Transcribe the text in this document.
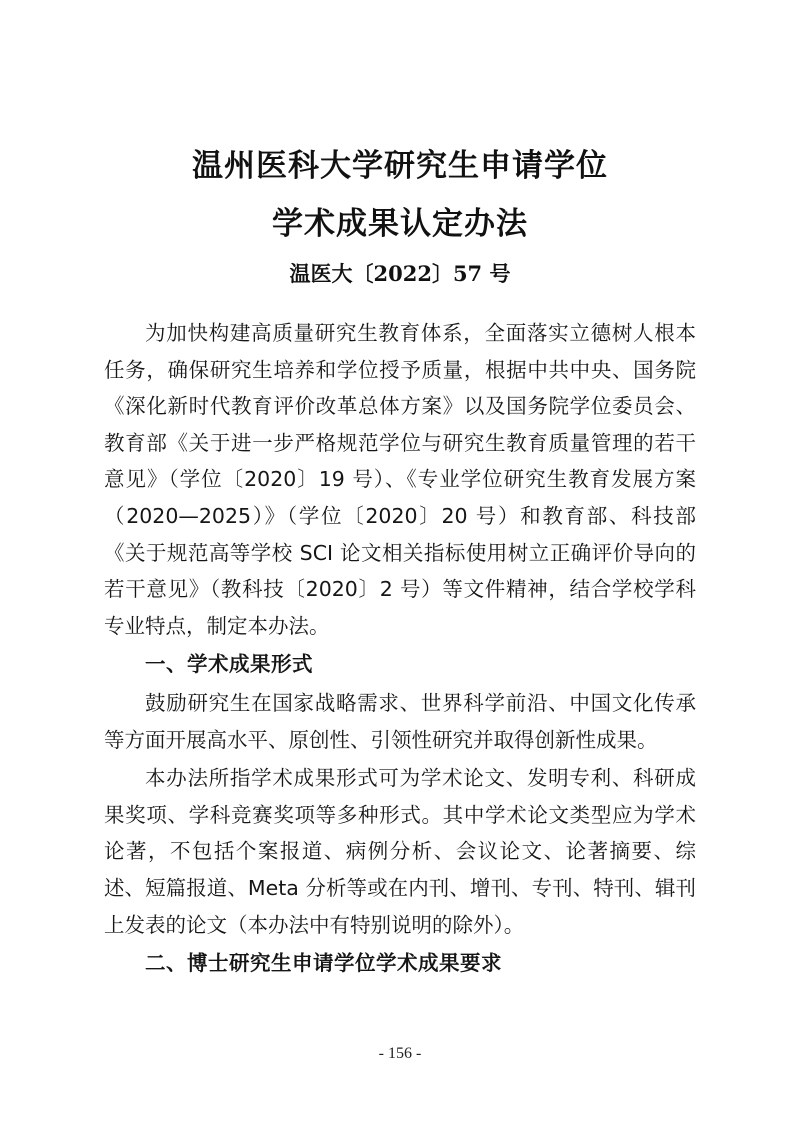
温州医科大学研究生申请学位
学术成果认定办法
温医大〔2022〕57 号

为加快构建高质量研究生教育体系，全面落实立德树人根本任务，确保研究生培养和学位授予质量，根据中共中央、国务院《深化新时代教育评价改革总体方案》以及国务院学位委员会、教育部《关于进一步严格规范学位与研究生教育质量管理的若干意见》（学位〔2020〕19 号）、《专业学位研究生教育发展方案（2020—2025）》（学位〔2020〕20 号）和教育部、科技部《关于规范高等学校 SCI 论文相关指标使用树立正确评价导向的若干意见》（教科技〔2020〕2 号）等文件精神，结合学校学科专业特点，制定本办法。

一、学术成果形式

鼓励研究生在国家战略需求、世界科学前沿、中国文化传承等方面开展高水平、原创性、引领性研究并取得创新性成果。

本办法所指学术成果形式可为学术论文、发明专利、科研成果奖项、学科竞赛奖项等多种形式。其中学术论文类型应为学术论著，不包括个案报道、病例分析、会议论文、论著摘要、综述、短篇报道、Meta 分析等或在内刊、增刊、专刊、特刊、辑刊上发表的论文（本办法中有特别说明的除外）。

二、博士研究生申请学位学术成果要求

- 156 -
